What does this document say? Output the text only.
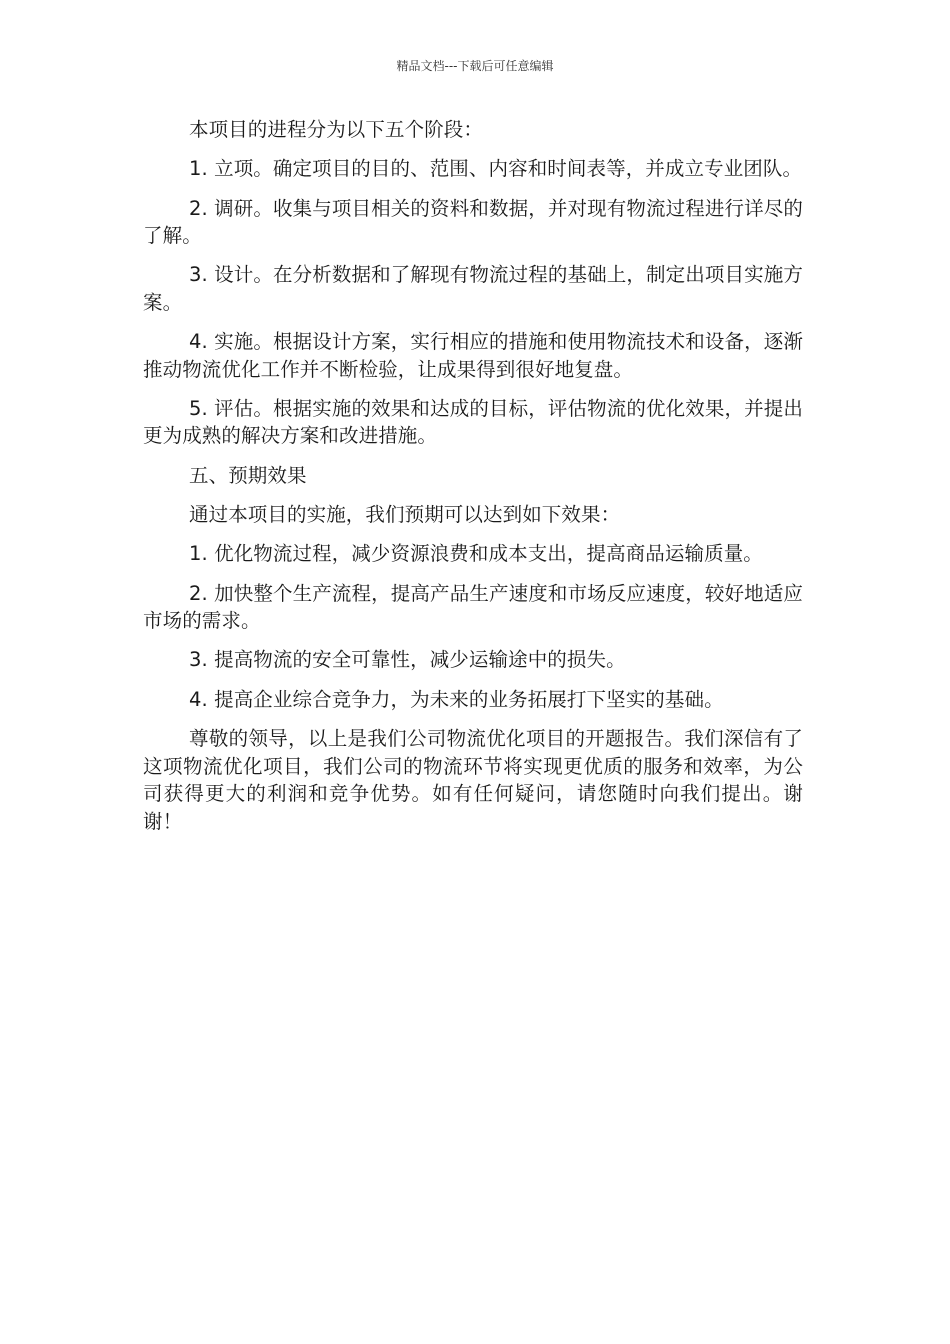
精品文档---下载后可任意编辑

本项目的进程分为以下五个阶段：

1. 立项。确定项目的目的、范围、内容和时间表等，并成立专业团队。

2. 调研。收集与项目相关的资料和数据，并对现有物流过程进行详尽的了解。

3. 设计。在分析数据和了解现有物流过程的基础上，制定出项目实施方案。

4. 实施。根据设计方案，实行相应的措施和使用物流技术和设备，逐渐推动物流优化工作并不断检验，让成果得到很好地复盘。

5. 评估。根据实施的效果和达成的目标，评估物流的优化效果，并提出更为成熟的解决方案和改进措施。

五、预期效果

通过本项目的实施，我们预期可以达到如下效果：

1. 优化物流过程，减少资源浪费和成本支出，提高商品运输质量。

2. 加快整个生产流程，提高产品生产速度和市场反应速度，较好地适应市场的需求。

3. 提高物流的安全可靠性，减少运输途中的损失。

4. 提高企业综合竞争力，为未来的业务拓展打下坚实的基础。

尊敬的领导，以上是我们公司物流优化项目的开题报告。我们深信有了这项物流优化项目，我们公司的物流环节将实现更优质的服务和效率，为公司获得更大的利润和竞争优势。如有任何疑问，请您随时向我们提出。谢谢！
